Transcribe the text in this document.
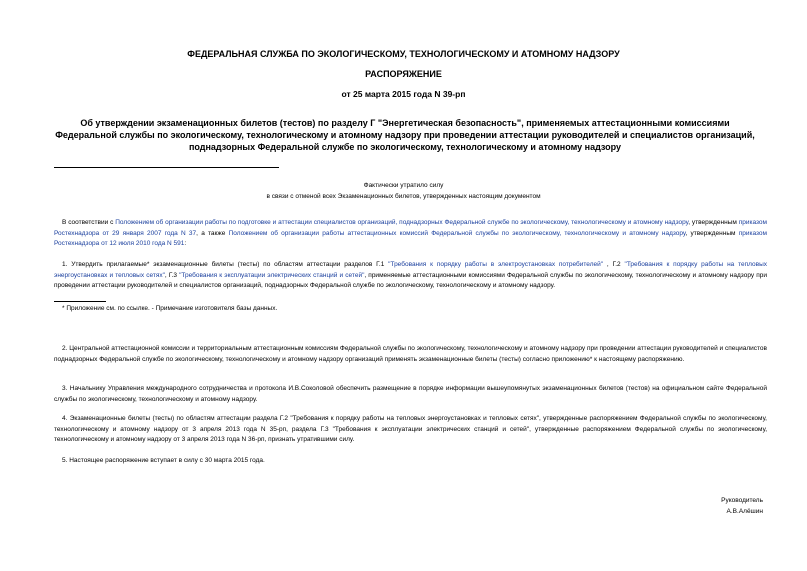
ФЕДЕРАЛЬНАЯ СЛУЖБА ПО ЭКОЛОГИЧЕСКОМУ, ТЕХНОЛОГИЧЕСКОМУ И АТОМНОМУ НАДЗОРУ
РАСПОРЯЖЕНИЕ
от 25 марта 2015 года N 39-рп
Об утверждении экзаменационных билетов (тестов) по разделу Г "Энергетическая безопасность", применяемых аттестационными комиссиями Федеральной службы по экологическому, технологическому и атомному надзору при проведении аттестации руководителей и специалистов организаций, поднадзорных Федеральной службе по экологическому, технологическому и атомному надзору
Фактически утратило силу
в связи с отменой всех Экзаменационных билетов, утвержденных настоящим документом
В соответствии с Положением об организации работы по подготовке и аттестации специалистов организаций, поднадзорных Федеральной службе по экологическому, технологическому и атомному надзору, утвержденным приказом Ростехнадзора от 29 января 2007 года N 37, а также Положением об организации работы аттестационных комиссий Федеральной службы по экологическому, технологическому и атомному надзору, утвержденным приказом Ростехнадзора от 12 июля 2010 года N 591:
1. Утвердить прилагаемые* экзаменационные билеты (тесты) по областям аттестации разделов Г.1 "Требования к порядку работы в электроустановках потребителей" , Г.2 "Требования к порядку работы на тепловых энергоустановках и тепловых сетях", Г.3 "Требования к эксплуатации электрических станций и сетей", применяемые аттестационными комиссиями Федеральной службы по экологическому, технологическому и атомному надзору при проведении аттестации руководителей и специалистов организаций, поднадзорных Федеральной службе по экологическому, технологическому и атомному надзору.
* Приложение см. по ссылке. - Примечание изготовителя базы данных.
2. Центральной аттестационной комиссии и территориальным аттестационным комиссиям Федеральной службы по экологическому, технологическому и атомному надзору при проведении аттестации руководителей и специалистов поднадзорных Федеральной службе по экологическому, технологическому и атомному надзору организаций применять экзаменационные билеты (тесты) согласно приложению* к настоящему распоряжению.
3. Начальнику Управления международного сотрудничества и протокола И.В.Соколовой обеспечить размещение в порядке информации вышеупомянутых экзаменационных билетов (тестов) на официальном сайте Федеральной службы по экологическому, технологическому и атомному надзору.
4. Экзаменационные билеты (тесты) по областям аттестации раздела Г.2 "Требования к порядку работы на тепловых энергоустановках и тепловых сетях", утвержденные распоряжением Федеральной службы по экологическому, технологическому и атомному надзору от 3 апреля 2013 года N 35-рп, раздела Г.3 "Требования к эксплуатации электрических станций и сетей", утвержденные распоряжением Федеральной службы по экологическому, технологическому и атомному надзору от 3 апреля 2013 года N 36-рп, признать утратившими силу.
5. Настоящее распоряжение вступает в силу с 30 марта 2015 года.
Руководитель
А.В.Алёшин
